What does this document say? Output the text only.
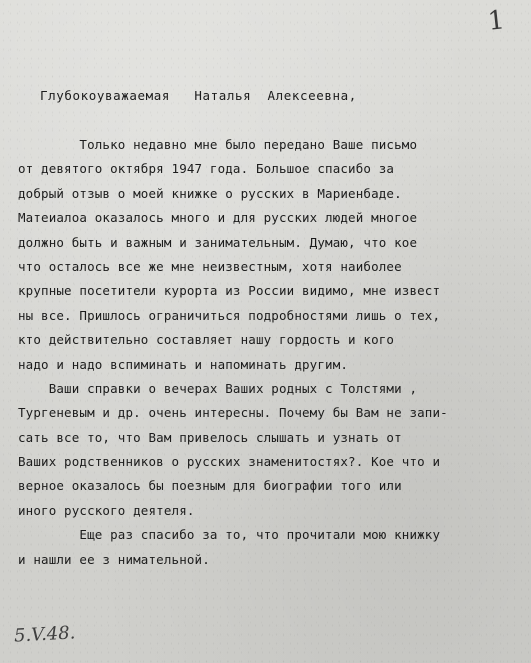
1
Глубокоуважаемая   Наталья  Алексеевна,
Только недавно мне было передано Ваше письмо
от девятого октября 1947 года. Большое спасибо за
добрый отзыв о моей книжке о русских в Мариенбаде.
Матеиалоа оказалось много и для русских людей многое
должно быть и важным и занимательным. Думаю, что кое
что осталось все же мне неизвестным, хотя наиболее
крупные посетители курорта из России видимо, мне извест
ны все. Пришлось ограничиться подробностями лишь о тех,
кто действительно составляет нашу гордость и кого
надо и надо вспиминать и напоминать другим.
Ваши справки о вечерах Ваших родных с Толстями ,
Тургеневым и др. очень интересны. Почему бы Вам не запи-
сать все то, что Вам привелось слышать и узнать от
Ваших родственников о русских знаменитостях?. Кое что и
верное оказалось бы поезным для биографии того или
иного русского деятеля.
Еще раз спасибо за то, что прочитали мою книжку
и нашли ее з нимательной.
5.V.48.
